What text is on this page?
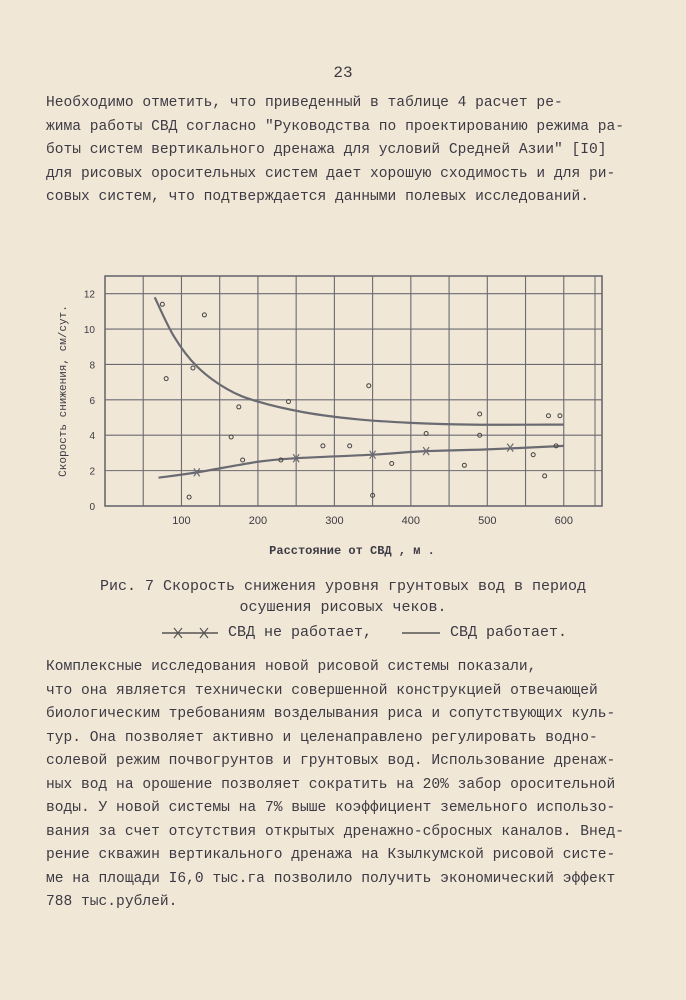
23

Необходимо отметить, что приведенный в таблице 4 расчет ре-
жима работы СВД согласно "Руководства по проектированию режима ра-
боты систем вертикального дренажа для условий Средней Азии" [I0]
для рисовых оросительных систем дает хорошую сходимость и для ри-
совых систем, что подтверждается данными полевых исследований.

100	200	300	400	500	600
0
2
4
6
8
10
12
Расстояние от СВД , м .
Скорость снижения, см/сут.
Рис. 7 Скорость снижения уровня грунтовых вод в период
осушения рисовых чеков.
СВД не работает,	СВД работает.

Комплексные исследования новой рисовой системы показали,
что она является технически совершенной конструкцией отвечающей
биологическим требованиям возделывания риса и сопутствующих куль-
тур. Она позволяет активно и целенаправлено регулировать водно-
солевой режим почвогрунтов и грунтовых вод. Использование дренаж-
ных вод на орошение позволяет сократить на 20% забор оросительной
воды. У новой системы на 7% выше коэффициент земельного использо-
вания за счет отсутствия открытых дренажно-сбросных каналов. Внед-
рение скважин вертикального дренажа на Кзылкумской рисовой систе-
ме на площади I6,0 тыс.га позволило получить экономический эффект
788 тыс.рублей.
